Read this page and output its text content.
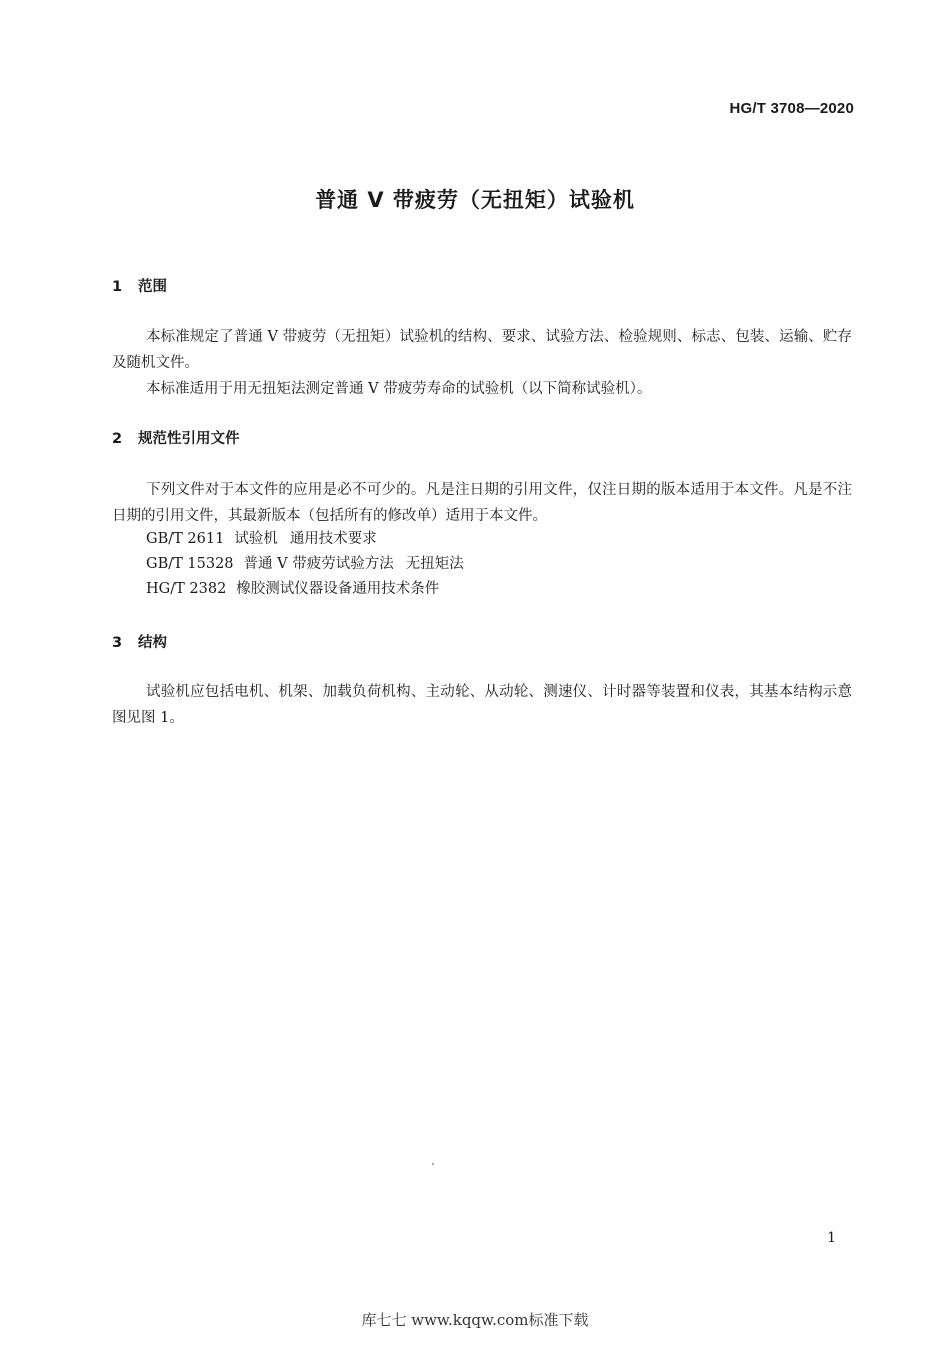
HG/T 3708—2020
普通 V 带疲劳（无扭矩）试验机
1 范围

本标准规定了普通 V 带疲劳（无扭矩）试验机的结构、要求、试验方法、检验规则、标志、包装、运输、贮存及随机文件。

本标准适用于用无扭矩法测定普通 V 带疲劳寿命的试验机（以下简称试验机）。

2 规范性引用文件

下列文件对于本文件的应用是必不可少的。凡是注日期的引用文件，仅注日期的版本适用于本文件。凡是不注日期的引用文件，其最新版本（包括所有的修改单）适用于本文件。

GB/T 2611 试验机 通用技术要求
GB/T 15328 普通 V 带疲劳试验方法 无扭矩法
HG/T 2382 橡胶测试仪器设备通用技术条件
3 结构

试验机应包括电机、机架、加载负荷机构、主动轮、从动轮、测速仪、计时器等装置和仪表，其基本结构示意图见图 1。

1
库七七 www.kqqw.com标准下载
